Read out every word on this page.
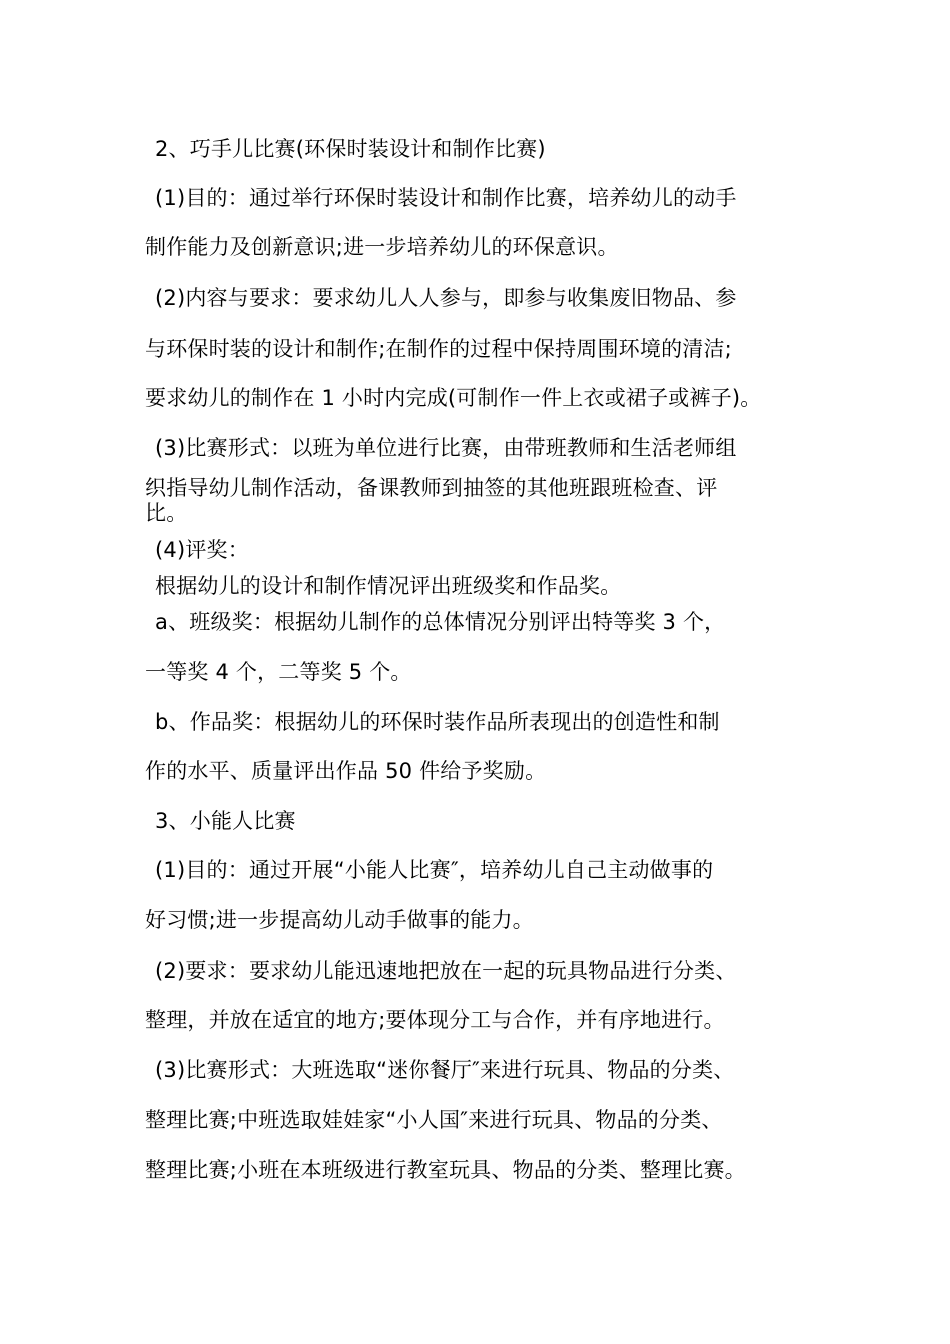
2、巧手儿比赛(环保时装设计和制作比赛)
(1)目的：通过举行环保时装设计和制作比赛，培养幼儿的动手
制作能力及创新意识;进一步培养幼儿的环保意识。
(2)内容与要求：要求幼儿人人参与，即参与收集废旧物品、参
与环保时装的设计和制作;在制作的过程中保持周围环境的清洁;
要求幼儿的制作在 1 小时内完成(可制作一件上衣或裙子或裤子)。
(3)比赛形式：以班为单位进行比赛，由带班教师和生活老师组
织指导幼儿制作活动，备课教师到抽签的其他班跟班检查、评
比。
(4)评奖：
根据幼儿的设计和制作情况评出班级奖和作品奖。
a、班级奖：根据幼儿制作的总体情况分别评出特等奖 3 个，
一等奖 4 个，二等奖 5 个。
b、作品奖：根据幼儿的环保时装作品所表现出的创造性和制
作的水平、质量评出作品 50 件给予奖励。
3、小能人比赛
(1)目的：通过开展“小能人比赛″，培养幼儿自己主动做事的
好习惯;进一步提高幼儿动手做事的能力。
(2)要求：要求幼儿能迅速地把放在一起的玩具物品进行分类、
整理，并放在适宜的地方;要体现分工与合作，并有序地进行。
(3)比赛形式：大班选取“迷你餐厅″来进行玩具、物品的分类、
整理比赛;中班选取娃娃家“小人国″来进行玩具、物品的分类、
整理比赛;小班在本班级进行教室玩具、物品的分类、整理比赛。
